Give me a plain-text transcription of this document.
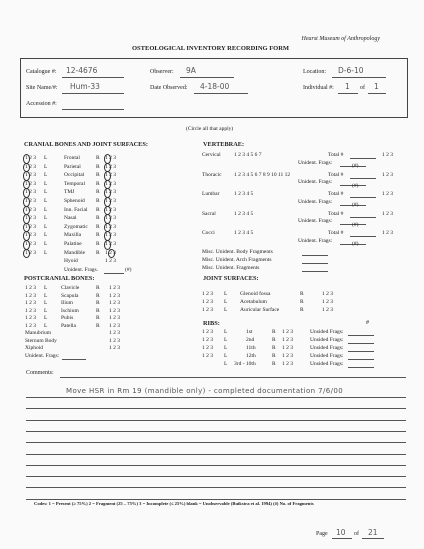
Hearst Museum of Anthropology
OSTEOLOGICAL INVENTORY RECORDING FORM
Catalogue #: 12-4676	Observer: 9A	Location: D-6-10
Site Name/#: Hum-33	Date Observed: 4-18-00	Individual #: 1 of 1
Accession #:
(Circle all that apply)
CRANIAL BONES AND JOINT SURFACES:
1 2 3 L	Frontal	R 1 2 3
1 2 3 L	Parietal	R 1 2 3
1 2 3 L	Occipital R 1 2 3
1 2 3 L	Temporal R 1 2 3
1 2 3 L	TMJ	R 1 2 3
1 2 3 L	Sphenoid R 1 2 3
1 2 3 L	Inn. Facial R 1 2 3
1 2 3 L	Nasal	R 1 2 3
1 2 3 L	Zygomatic R 1 2 3
1 2 3 L	Maxilla	R 1 2 3
1 2 3 L	Palatine	R 1 2 3
1 2 3 L	Mandible R 1 2 3
Hyoid	1 2 3
Unident. Frags.	(#)
VERTEBRAE:
Cervical 1 2 3 4 5 6 7	Total #	1 2 3
Unident. Frags:
(#)
Thoracic 1 2 3 4 5 6 7 8 9 10 11 12	Total #	1 2 3
Unident. Frags:
(#)
Lumbar	1 2 3 4 5	Total #	1 2 3
Unident. Frags:
(#)
Sacral	1 2 3 4 5	Total #	1 2 3
Unident. Frags:
(#)
Cocci	1 2 3 4 5	Total #	1 2 3
Unident. Frags:
(#)
Misc. Unident. Body Fragments
Misc. Unident. Arch Fragments
Misc. Unident. Fragments
POSTCRANIAL BONES:
1 2 3 L Clavicle	R 1 2 3
1 2 3 L Scapula	R 1 2 3
1 2 3 L Ilium	R 1 2 3
1 2 3 L Ischium	R 1 2 3
1 2 3 L Pubis	R 1 2 3
1 2 3 L Patella	R 1 2 3
Manubrium	1 2 3
Sternum Body	1 2 3
Xiphoid	1 2 3
Unident. Frags:
JOINT SURFACES:
1 2 3 L Glenoid fossa	R	1 2 3
1 2 3 L Acetabulum	R	1 2 3
1 2 3 L Auricular Surface	R	1 2 3
RIBS:	#
1 2 3 L	1st	R 1 2 3	Unsided Frags:
1 2 3 L	2nd	R 1 2 3	Unsided Frags:
1 2 3 L	11th	R 1 2 3	Unsided Frags:
1 2 3 L	12th	R 1 2 3	Unsided Frags:
L 3rd - 10th	R 1 2 3	Unsided Frags:
Comments:
Move HSR in Rm 19 (mandible only) - completed documentation 7/6/00
Codes: 1 = Present (≥ 75%) 2 = Fragment (25 – 75%) 3 = Incomplete (≤ 25%) blank = Unobservable (Buikstra et al. 1994) (#) No. of Fragments
Page 10 of 21
